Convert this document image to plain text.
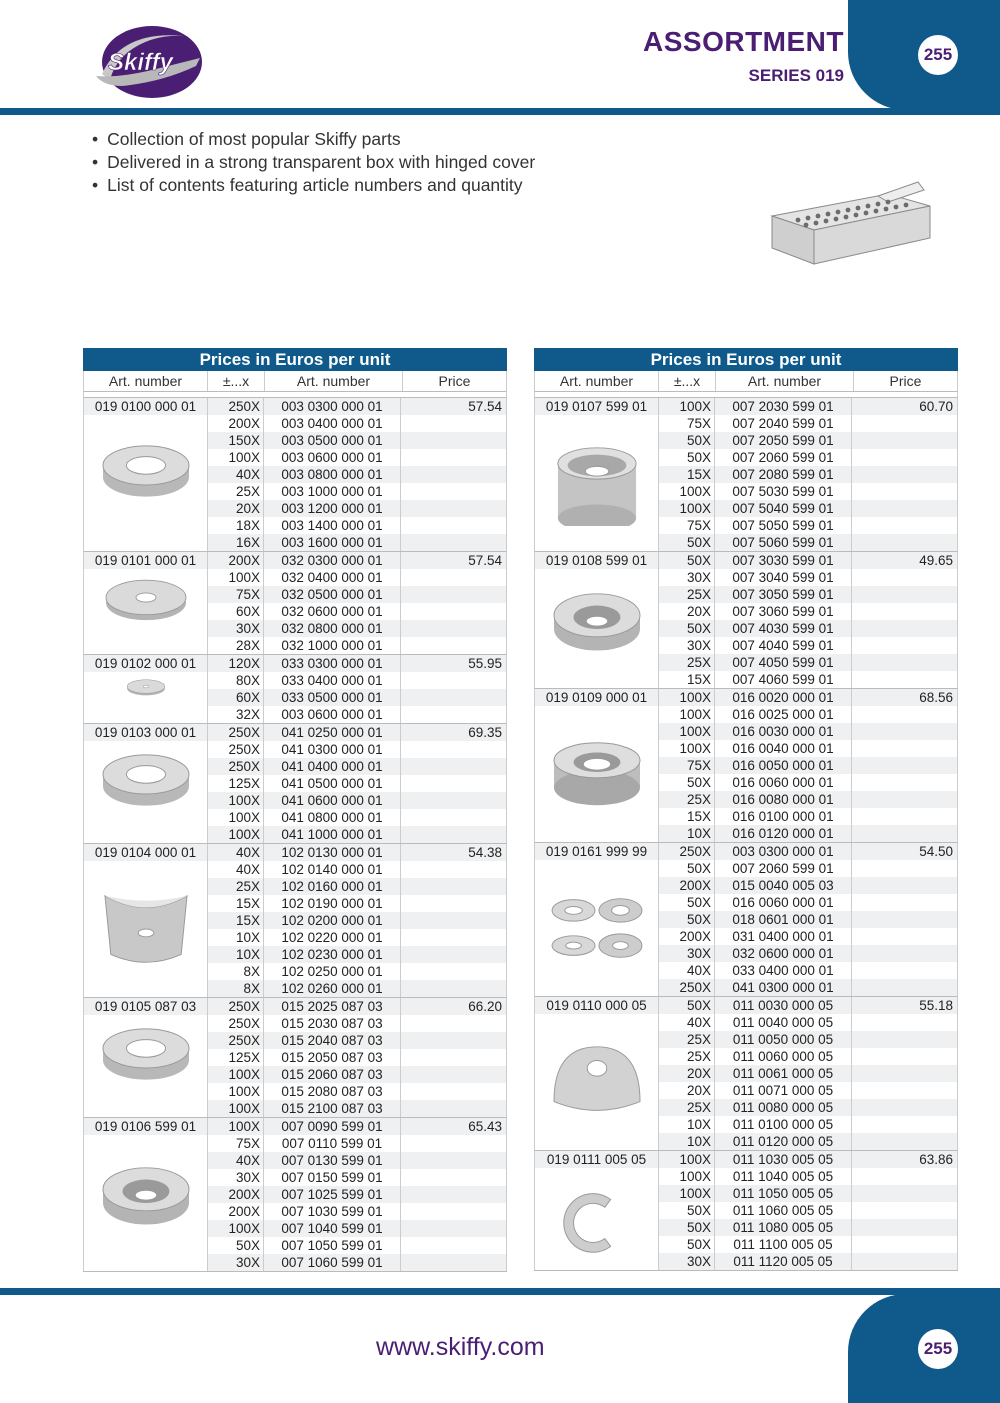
Skiffy
ASSORTMENT
SERIES 019
255
• Collection of most popular Skiffy parts
• Delivered in a strong transparent box with hinged cover
• List of contents featuring article numbers and quantity
Prices in Euros per unit
Art. number	±...x	Art. number	Price
019 0100 000 01	250X	003 0300 000 01	57.54
200X	003 0400 000 01
150X	003 0500 000 01
100X	003 0600 000 01
40X	003 0800 000 01
25X	003 1000 000 01
20X	003 1200 000 01
18X	003 1400 000 01
16X	003 1600 000 01
019 0101 000 01	200X	032 0300 000 01	57.54
100X	032 0400 000 01
75X	032 0500 000 01
60X	032 0600 000 01
30X	032 0800 000 01
28X	032 1000 000 01
019 0102 000 01	120X	033 0300 000 01	55.95
80X	033 0400 000 01
60X	033 0500 000 01
32X	003 0600 000 01
019 0103 000 01	250X	041 0250 000 01	69.35
250X	041 0300 000 01
250X	041 0400 000 01
125X	041 0500 000 01
100X	041 0600 000 01
100X	041 0800 000 01
100X	041 1000 000 01
019 0104 000 01	40X	102 0130 000 01	54.38
40X	102 0140 000 01
25X	102 0160 000 01
15X	102 0190 000 01
15X	102 0200 000 01
10X	102 0220 000 01
10X	102 0230 000 01
8X	102 0250 000 01
8X	102 0260 000 01
019 0105 087 03	250X	015 2025 087 03	66.20
250X	015 2030 087 03
250X	015 2040 087 03
125X	015 2050 087 03
100X	015 2060 087 03
100X	015 2080 087 03
100X	015 2100 087 03
019 0106 599 01	100X	007 0090 599 01	65.43
75X	007 0110 599 01
40X	007 0130 599 01
30X	007 0150 599 01
200X	007 1025 599 01
200X	007 1030 599 01
100X	007 1040 599 01
50X	007 1050 599 01
30X	007 1060 599 01
Prices in Euros per unit
Art. number	±...x	Art. number	Price
019 0107 599 01	100X	007 2030 599 01	60.70
75X	007 2040 599 01
50X	007 2050 599 01
50X	007 2060 599 01
15X	007 2080 599 01
100X	007 5030 599 01
100X	007 5040 599 01
75X	007 5050 599 01
50X	007 5060 599 01
019 0108 599 01	50X	007 3030 599 01	49.65
30X	007 3040 599 01
25X	007 3050 599 01
20X	007 3060 599 01
50X	007 4030 599 01
30X	007 4040 599 01
25X	007 4050 599 01
15X	007 4060 599 01
019 0109 000 01	100X	016 0020 000 01	68.56
100X	016 0025 000 01
100X	016 0030 000 01
100X	016 0040 000 01
75X	016 0050 000 01
50X	016 0060 000 01
25X	016 0080 000 01
15X	016 0100 000 01
10X	016 0120 000 01
019 0161 999 99	250X	003 0300 000 01	54.50
50X	007 2060 599 01
200X	015 0040 005 03
50X	016 0060 000 01
50X	018 0601 000 01
200X	031 0400 000 01
30X	032 0600 000 01
40X	033 0400 000 01
250X	041 0300 000 01
019 0110 000 05	50X	011 0030 000 05	55.18
40X	011 0040 000 05
25X	011 0050 000 05
25X	011 0060 000 05
20X	011 0061 000 05
20X	011 0071 000 05
25X	011 0080 000 05
10X	011 0100 000 05
10X	011 0120 000 05
019 0111 005 05	100X	011 1030 005 05	63.86
100X	011 1040 005 05
100X	011 1050 005 05
50X	011 1060 005 05
50X	011 1080 005 05
50X	011 1100 005 05
30X	011 1120 005 05
www.skiffy.com	255
